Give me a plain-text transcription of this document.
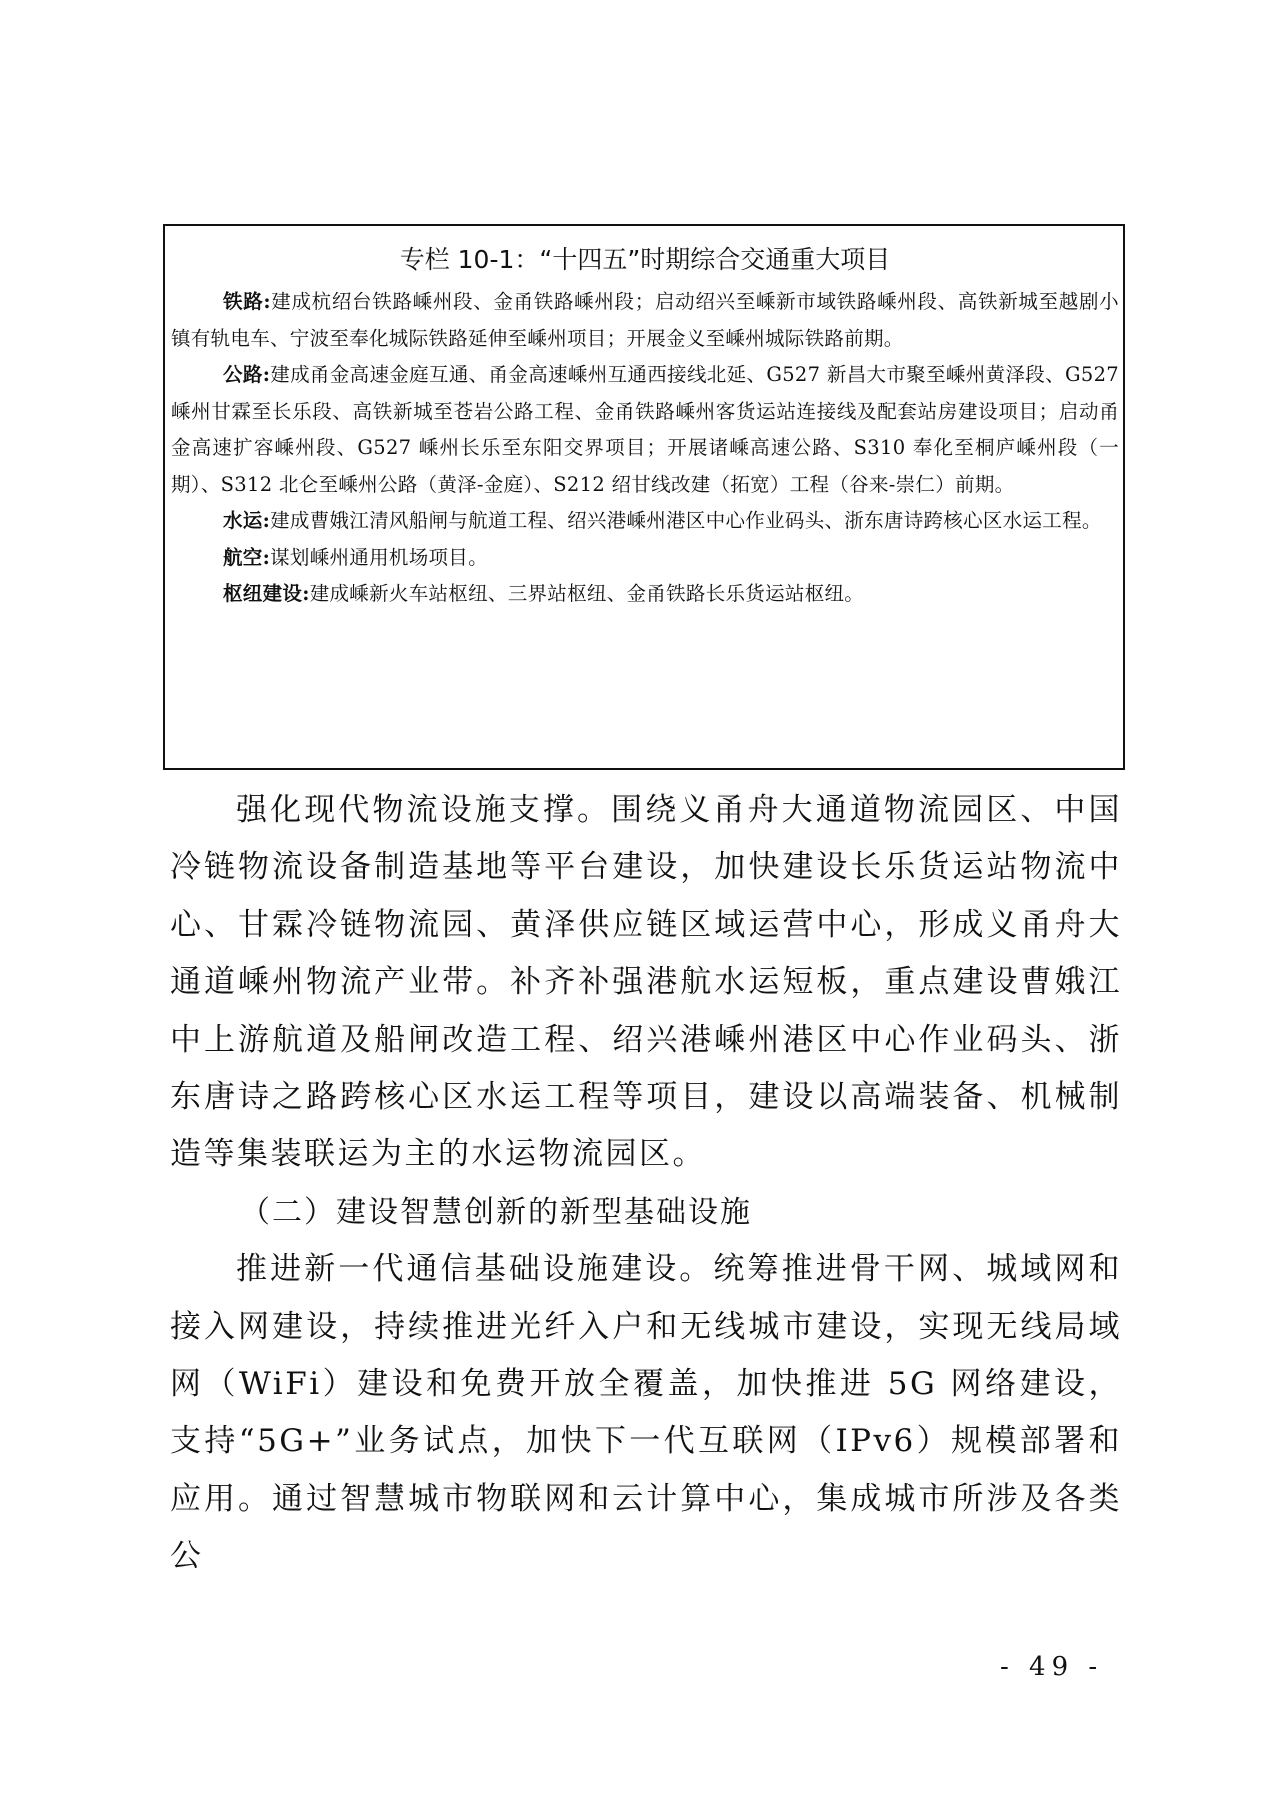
专栏 10-1：“十四五”时期综合交通重大项目

铁路:建成杭绍台铁路嵊州段、金甬铁路嵊州段；启动绍兴至嵊新市域铁路嵊州段、高铁新城至越剧小镇有轨电车、宁波至奉化城际铁路延伸至嵊州项目；开展金义至嵊州城际铁路前期。

公路:建成甬金高速金庭互通、甬金高速嵊州互通西接线北延、G527 新昌大市聚至嵊州黄泽段、G527 嵊州甘霖至长乐段、高铁新城至苍岩公路工程、金甬铁路嵊州客货运站连接线及配套站房建设项目；启动甬金高速扩容嵊州段、G527 嵊州长乐至东阳交界项目；开展诸嵊高速公路、S310 奉化至桐庐嵊州段（一期）、S312 北仑至嵊州公路（黄泽-金庭）、S212 绍甘线改建（拓宽）工程（谷来-崇仁）前期。

水运:建成曹娥江清风船闸与航道工程、绍兴港嵊州港区中心作业码头、浙东唐诗跨核心区水运工程。

航空:谋划嵊州通用机场项目。

枢纽建设:建成嵊新火车站枢纽、三界站枢纽、金甬铁路长乐货运站枢纽。

强化现代物流设施支撑。围绕义甬舟大通道物流园区、中国冷链物流设备制造基地等平台建设，加快建设长乐货运站物流中心、甘霖冷链物流园、黄泽供应链区域运营中心，形成义甬舟大通道嵊州物流产业带。补齐补强港航水运短板，重点建设曹娥江中上游航道及船闸改造工程、绍兴港嵊州港区中心作业码头、浙东唐诗之路跨核心区水运工程等项目，建设以高端装备、机械制造等集装联运为主的水运物流园区。

（二）建设智慧创新的新型基础设施

推进新一代通信基础设施建设。统筹推进骨干网、城域网和接入网建设，持续推进光纤入户和无线城市建设，实现无线局域网（WiFi）建设和免费开放全覆盖，加快推进 5G 网络建设，支持“5G+”业务试点，加快下一代互联网（IPv6）规模部署和应用。通过智慧城市物联网和云计算中心，集成城市所涉及各类公

- 49 -
